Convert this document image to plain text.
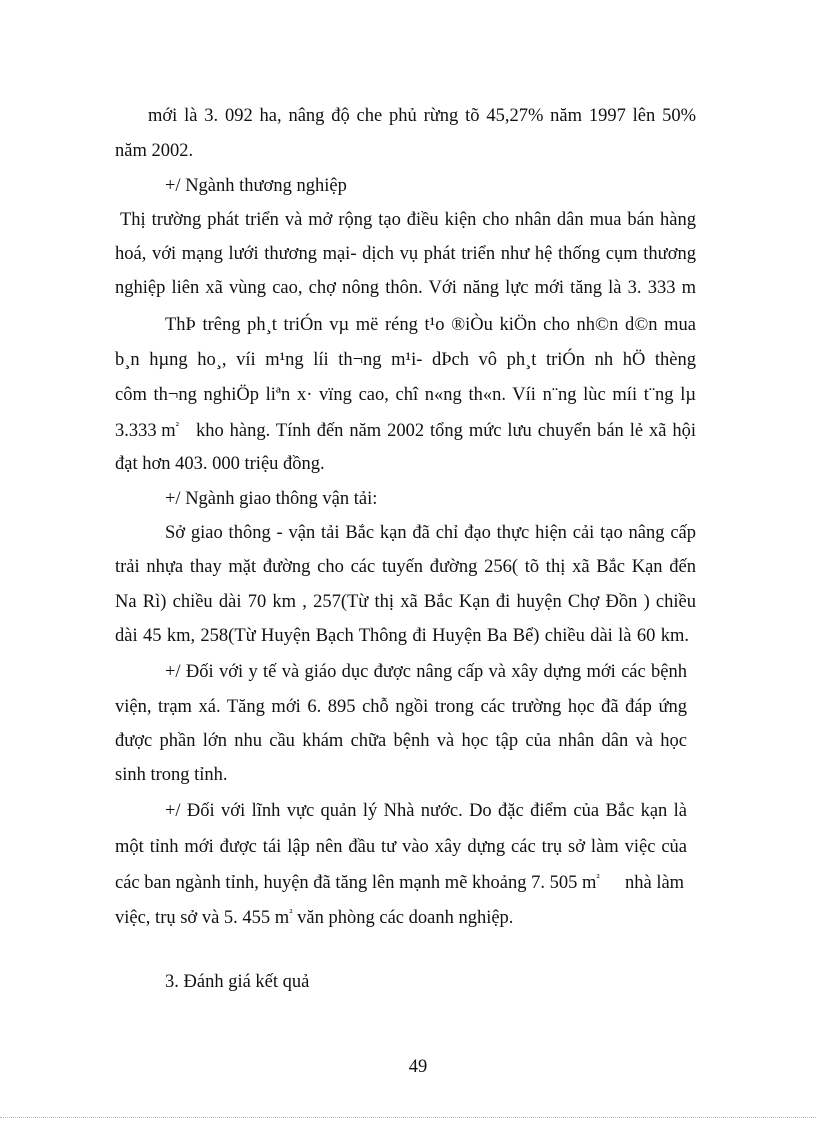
mới là 3. 092 ha, nâng độ che phủ rừng tõ 45,27% năm 1997 lên 50%
năm 2002.
+/ Ngành thương nghiệp
Thị trường phát triển và mở rộng tạo điều kiện cho nhân dân mua bán hàng
hoá, với mạng lưới thương mại- dịch vụ phát triển như hệ thống cụm thương
nghiệp liên xã vùng cao, chợ nông thôn. Với năng lực mới tăng là 3. 333 m
ThÞ trêng ph¸t triÓn vµ më réng t¹o ®iÒu kiÖn cho nh©n d©n mua
b¸n hµng ho¸, víi m¹ng líi th¬ng m¹i- dÞch vô ph¸t triÓn nh hÖ thèng
côm th¬ng nghiÖp liªn x· vïng cao, chî n«ng th«n. Víi n¨ng lùc míi t¨ng lµ
3.333 $m^{^2}$ kho hàng. Tính đến năm 2002 tổng mức lưu chuyển bán lẻ xã hội
đạt hơn 403. 000 triệu đồng.
+/ Ngành giao thông vận tải:
Sở giao thông - vận tải Bắc kạn đã chỉ đạo thực hiện cải tạo nâng cấp
trải nhựa thay mặt đường cho các tuyến đường 256( tõ thị xã Bắc Kạn đến
Na Rì) chiều dài 70 km , 257(Từ thị xã Bắc Kạn đi huyện Chợ Đồn ) chiều
dài 45 km, 258(Từ Huyện Bạch Thông đi Huyện Ba Bể) chiều dài là 60 km.
+/ Đối với y tế và giáo dục được nâng cấp và xây dựng mới các bệnh
viện, trạm xá. Tăng mới 6. 895 chỗ ngồi trong các trường học đã đáp ứng
được phần lớn nhu cầu khám chữa bệnh và học tập của nhân dân và học
sinh trong tỉnh.
+/ Đối với lĩnh vực quản lý Nhà nước. Do đặc điểm của Bắc kạn là
một tỉnh mới được tái lập nên đầu tư vào xây dựng các trụ sở làm việc của
các ban ngành tỉnh, huyện đã tăng lên mạnh mẽ khoảng 7. 505 $m^{^2}$ nhà làm
việc, trụ sở và 5. 455 $m^{^2}$ văn phòng các doanh nghiệp.
3. Đánh giá kết quả
49
